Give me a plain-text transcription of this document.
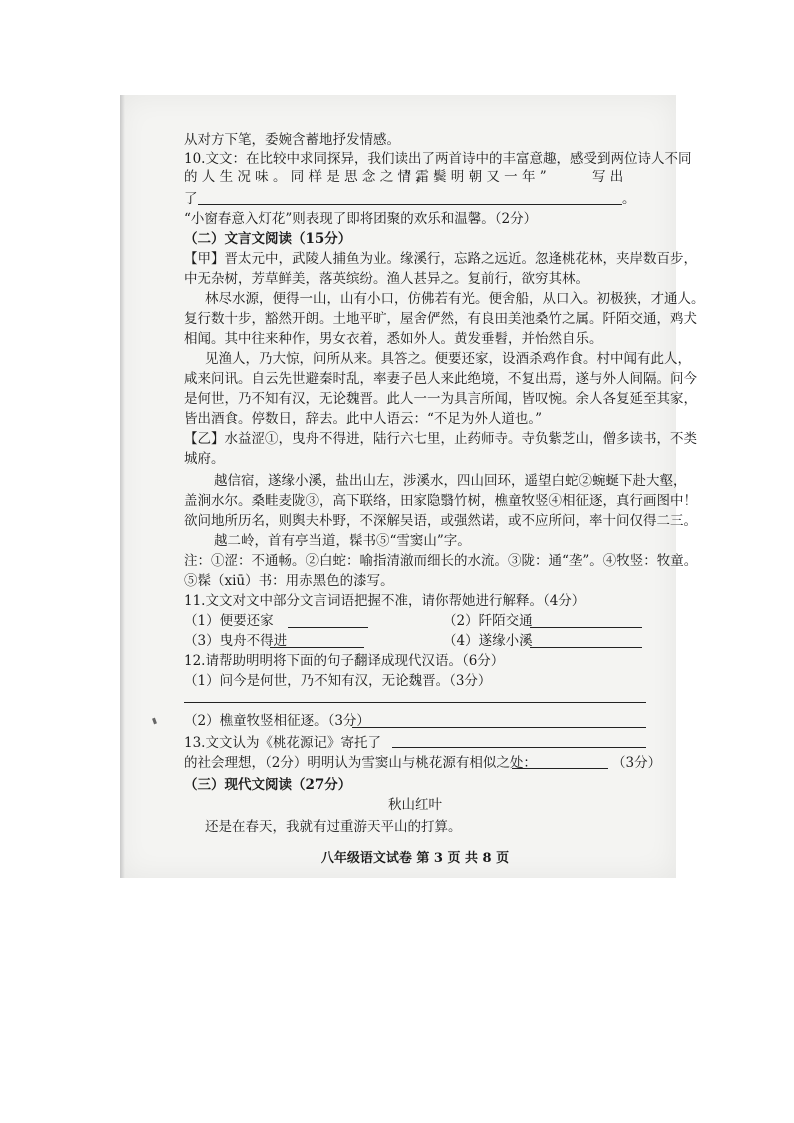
从对方下笔，委婉含蓄地抒发情感。
10.文文：在比较中求同探异，我们读出了两首诗中的丰富意趣，感受到两位诗人不同
的 人 生 况 味 。 同 样 是 思 念 之 情 ，
“ 霜 鬓 明 朝 又 一 年 ”	写 出
了	。
“小窗春意入灯花”则表现了即将团聚的欢乐和温馨。（2分）
（二）文言文阅读（15分）
【甲】晋太元中，武陵人捕鱼为业。缘溪行，忘路之远近。忽逢桃花林，夹岸数百步，
中无杂树，芳草鲜美，落英缤纷。渔人甚异之。复前行，欲穷其林。
林尽水源，便得一山，山有小口，仿佛若有光。便舍船，从口入。初极狭，才通人。
复行数十步，豁然开朗。土地平旷，屋舍俨然，有良田美池桑竹之属。阡陌交通，鸡犬
相闻。其中往来种作，男女衣着，悉如外人。黄发垂髫，并怡然自乐。
见渔人，乃大惊，问所从来。具答之。便要还家，设酒杀鸡作食。村中闻有此人，
咸来问讯。自云先世避秦时乱，率妻子邑人来此绝境，不复出焉，遂与外人间隔。问今
是何世，乃不知有汉，无论魏晋。此人一一为具言所闻，皆叹惋。余人各复延至其家，
皆出酒食。停数日，辞去。此中人语云：“不足为外人道也。”
【乙】水益涩①，曳舟不得进，陆行六七里，止药师寺。寺负紫芝山，僧多读书，不类
城府。
越信宿，遂缘小溪，盐出山左，涉溪水，四山回环，遥望白蛇②蜿蜒下赴大壑，
盖涧水尔。桑畦麦陇③，高下联络，田家隐翳竹树，樵童牧竖④相征逐，真行画图中！
欲问地所历名，则舆夫朴野，不深解吴语，或强然诺，或不应所问，率十问仅得二三。
越二岭，首有亭当道，髹书⑤“雪窦山”字。
注：①涩：不通畅。②白蛇：喻指清澈而细长的水流。③陇：通“垄”。④牧竖：牧童。
⑤髹（xiū）书：用赤黑色的漆写。
11.文文对文中部分文言词语把握不准，请你帮她进行解释。（4分）
（1）便要还家	（2）阡陌交通
（3）曳舟不得进	（4）遂缘小溪
12.请帮助明明将下面的句子翻译成现代汉语。（6分）
（1）问今是何世，乃不知有汉，无论魏晋。（3分）
（2）樵童牧竖相征逐。（3分）
13.文文认为《桃花源记》寄托了
的社会理想，（2分）明明认为雪窦山与桃花源有相似之处：	（3分）
（三）现代文阅读（27分）
秋山红叶
还是在春天，我就有过重游天平山的打算。
八年级语文试卷 第 3 页 共 8 页
